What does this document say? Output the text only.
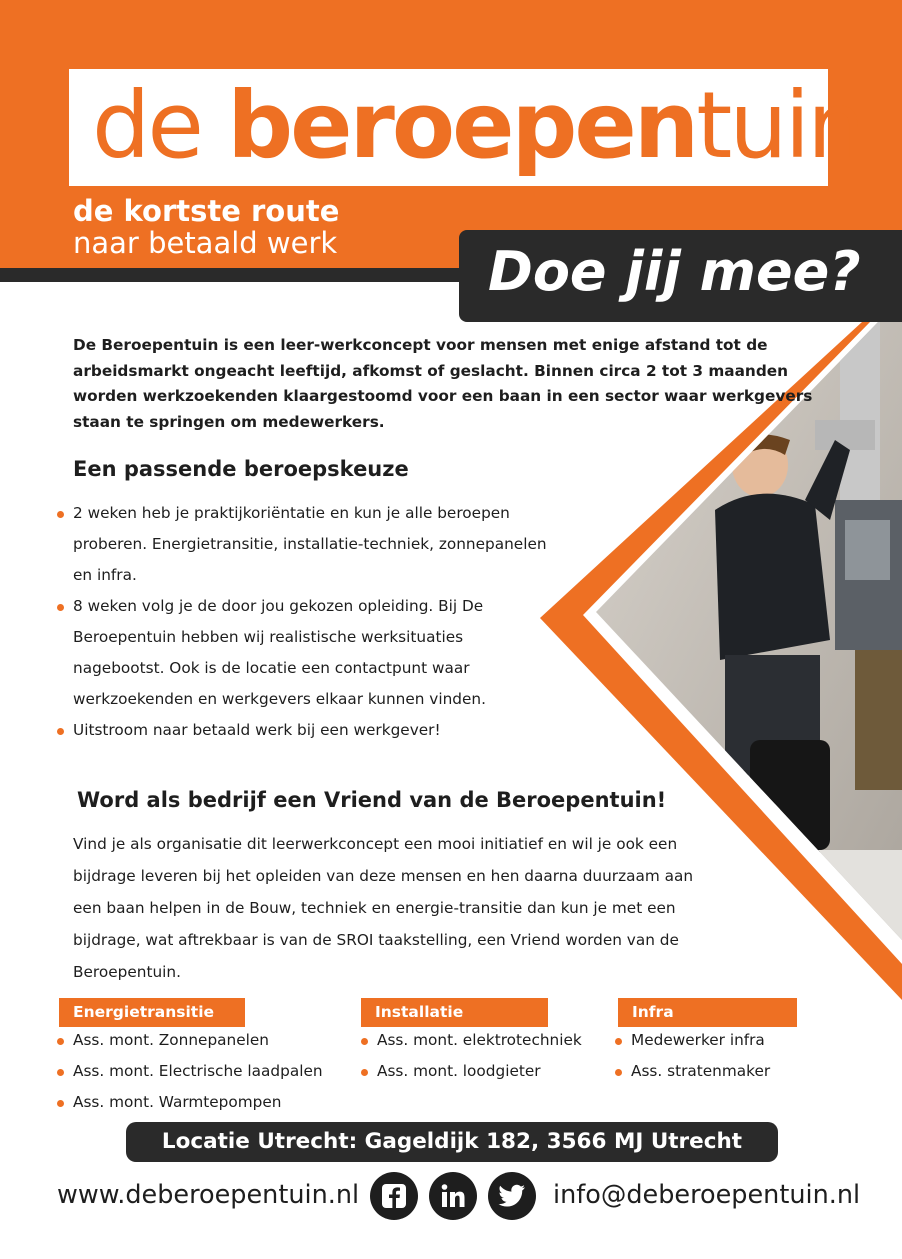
de beroepentuin
de kortste route
naar betaald werk	Doe jij mee?
De Beroepentuin is een leer-werkconcept voor mensen met enige afstand tot de arbeidsmarkt ongeacht leeftijd, afkomst of geslacht. Binnen circa 2 tot 3 maanden worden werkzoekenden klaargestoomd voor een baan in een sector waar werkgevers staan te springen om medewerkers.
Een passende beroepskeuze
2 weken heb je praktijkoriëntatie en kun je alle beroepen proberen. Energietransitie, installatie-techniek, zonnepanelen en infra.
8 weken volg je de door jou gekozen opleiding. Bij De Beroepentuin hebben wij realistische werksituaties nagebootst. Ook is de locatie een contactpunt waar werkzoekenden en werkgevers elkaar kunnen vinden.
Uitstroom naar betaald werk bij een werkgever!
Word als bedrijf een Vriend van de Beroepentuin!
Vind je als organisatie dit leerwerkconcept een mooi initiatief en wil je ook een bijdrage leveren bij het opleiden van deze mensen en hen daarna duurzaam aan een baan helpen in de Bouw, techniek en energie-transitie dan kun je met een bijdrage, wat aftrekbaar is van de SROI taakstelling, een Vriend worden van de Beroepentuin.
Energietransitie
Ass. mont. Zonnepanelen
Ass. mont. Electrische laadpalen
Ass. mont. Warmtepompen
Installatie
Ass. mont. elektrotechniek
Ass. mont. loodgieter
Infra
Medewerker infra
Ass. stratenmaker
Locatie Utrecht: Gageldijk 182, 3566 MJ Utrecht
www.deberoepentuin.nl	info@deberoepentuin.nl
